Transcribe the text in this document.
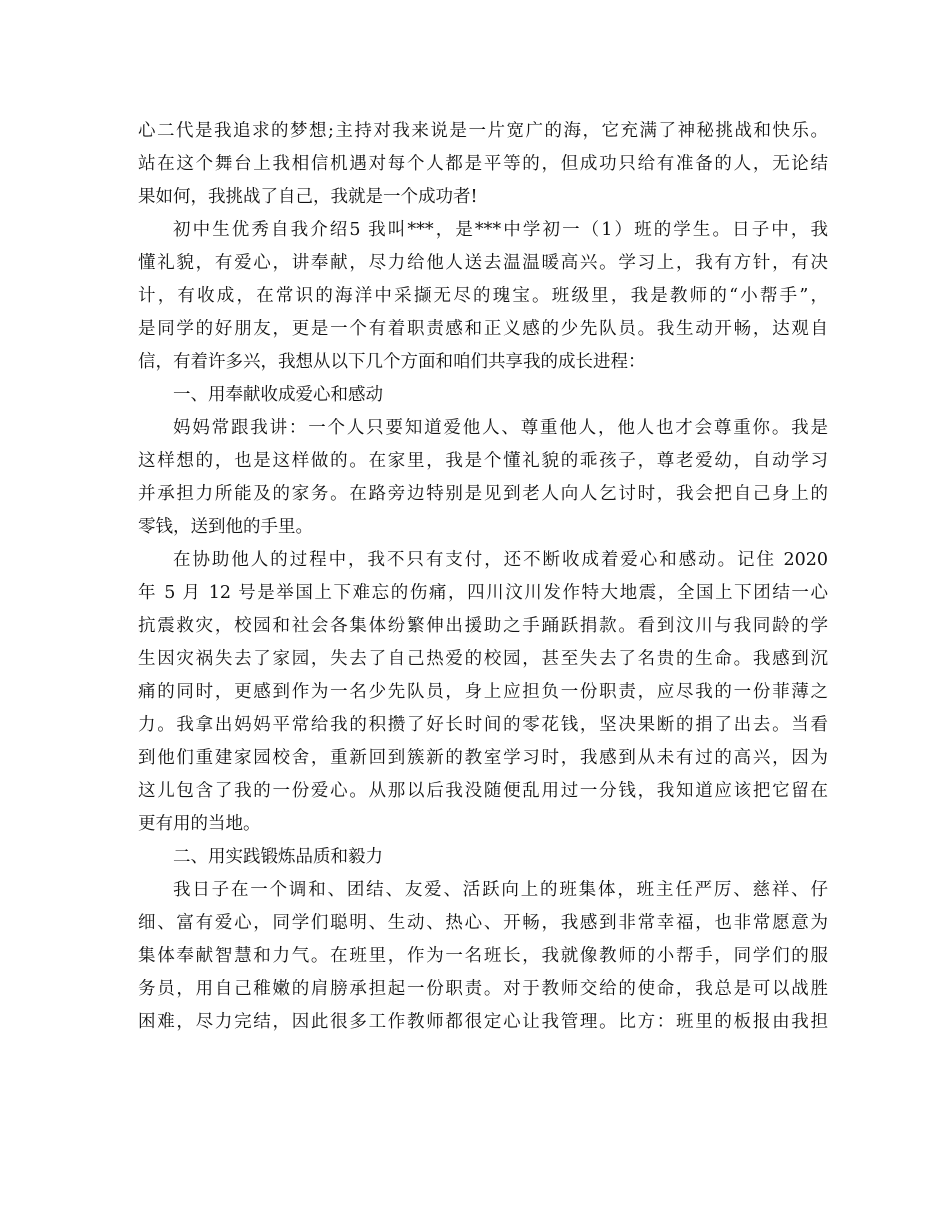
心二代是我追求的梦想;主持对我来说是一片宽广的海，它充满了神秘挑战和快乐。
站在这个舞台上我相信机遇对每个人都是平等的，但成功只给有准备的人，无论结
果如何，我挑战了自己，我就是一个成功者!
初中生优秀自我介绍5 我叫***，是***中学初一（1）班的学生。日子中，我
懂礼貌，有爱心，讲奉献，尽力给他人送去温温暖高兴。学习上，我有方针，有决
计，有收成，在常识的海洋中采撷无尽的瑰宝。班级里，我是教师的“小帮手”，
是同学的好朋友，更是一个有着职责感和正义感的少先队员。我生动开畅，达观自
信，有着许多兴，我想从以下几个方面和咱们共享我的成长进程：
一、用奉献收成爱心和感动
妈妈常跟我讲：一个人只要知道爱他人、尊重他人，他人也才会尊重你。我是
这样想的，也是这样做的。在家里，我是个懂礼貌的乖孩子，尊老爱幼，自动学习
并承担力所能及的家务。在路旁边特别是见到老人向人乞讨时，我会把自己身上的
零钱，送到他的手里。
在协助他人的过程中，我不只有支付，还不断收成着爱心和感动。记住 2020
年 5 月 12 号是举国上下难忘的伤痛，四川汶川发作特大地震，全国上下团结一心
抗震救灾，校园和社会各集体纷繁伸出援助之手踊跃捐款。看到汶川与我同龄的学
生因灾祸失去了家园，失去了自己热爱的校园，甚至失去了名贵的生命。我感到沉
痛的同时，更感到作为一名少先队员，身上应担负一份职责，应尽我的一份菲薄之
力。我拿出妈妈平常给我的积攒了好长时间的零花钱，坚决果断的捐了出去。当看
到他们重建家园校舍，重新回到簇新的教室学习时，我感到从未有过的高兴，因为
这儿包含了我的一份爱心。从那以后我没随便乱用过一分钱，我知道应该把它留在
更有用的当地。
二、用实践锻炼品质和毅力
我日子在一个调和、团结、友爱、活跃向上的班集体，班主任严厉、慈祥、仔
细、富有爱心，同学们聪明、生动、热心、开畅，我感到非常幸福，也非常愿意为
集体奉献智慧和力气。在班里，作为一名班长，我就像教师的小帮手，同学们的服
务员，用自己稚嫩的肩膀承担起一份职责。对于教师交给的使命，我总是可以战胜
困难，尽力完结，因此很多工作教师都很定心让我管理。比方：班里的板报由我担
